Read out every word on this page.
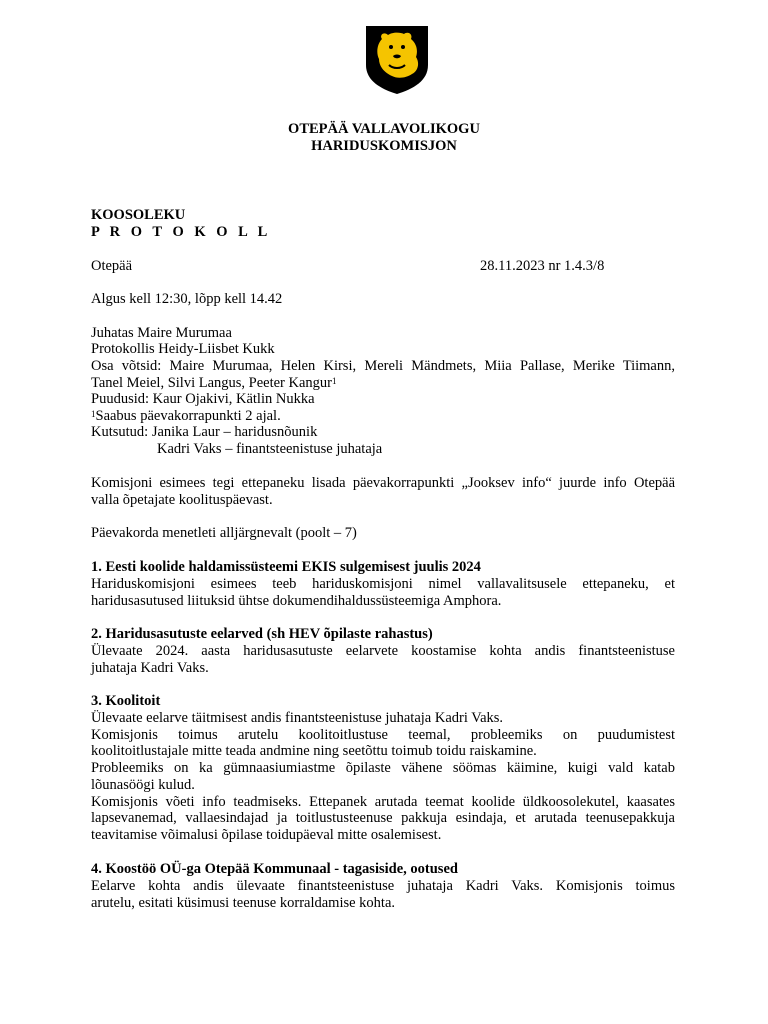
OTEPÄÄ VALLAVOLIKOGU
HARIDUSKOMISJON
KOOSOLEKU
P R O T O K O L L
Otepää	28.11.2023 nr 1.4.3/8
Algus kell 12:30, lõpp kell 14.42
Juhatas Maire Murumaa
Protokollis Heidy-Liisbet Kukk
Osa võtsid: Maire Murumaa, Helen Kirsi, Mereli Mändmets, Miia Pallase, Merike Tiimann,
Tanel Meiel, Silvi Langus, Peeter Kangur$^1$
Puudusid: Kaur Ojakivi, Kätlin Nukka
$^1$Saabus päevakorrapunkti 2 ajal.
Kutsutud: Janika Laur – haridusnõunik
Kadri Vaks – finantsteenistuse juhataja
Komisjoni esimees tegi ettepaneku lisada päevakorrapunkti „Jooksev info“ juurde info Otepää
valla õpetajate koolituspäevast.
Päevakorda menetleti alljärgnevalt (poolt – 7)
1. Eesti koolide haldamissüsteemi EKIS sulgemisest juulis 2024
Hariduskomisjoni esimees teeb hariduskomisjoni nimel vallavalitsusele ettepaneku, et
haridusasutused liituksid ühtse dokumendihaldussüsteemiga Amphora.
2. Haridusasutuste eelarved (sh HEV õpilaste rahastus)
Ülevaate 2024. aasta haridusasutuste eelarvete koostamise kohta andis finantsteenistuse
juhataja Kadri Vaks.
3. Koolitoit
Ülevaate eelarve täitmisest andis finantsteenistuse juhataja Kadri Vaks.
Komisjonis toimus arutelu koolitoitlustuse teemal, probleemiks on puudumistest
koolitoitlustajale mitte teada andmine ning seetõttu toimub toidu raiskamine.
Probleemiks on ka gümnaasiumiastme õpilaste vähene söömas käimine, kuigi vald katab
lõunasöögi kulud.
Komisjonis võeti info teadmiseks. Ettepanek arutada teemat koolide üldkoosolekutel, kaasates
lapsevanemad, vallaesindajad ja toitlustusteenuse pakkuja esindaja, et arutada teenusepakkuja
teavitamise võimalusi õpilase toidupäeval mitte osalemisest.
4. Koostöö OÜ-ga Otepää Kommunaal - tagasiside, ootused
Eelarve kohta andis ülevaate finantsteenistuse juhataja Kadri Vaks. Komisjonis toimus
arutelu, esitati küsimusi teenuse korraldamise kohta.
